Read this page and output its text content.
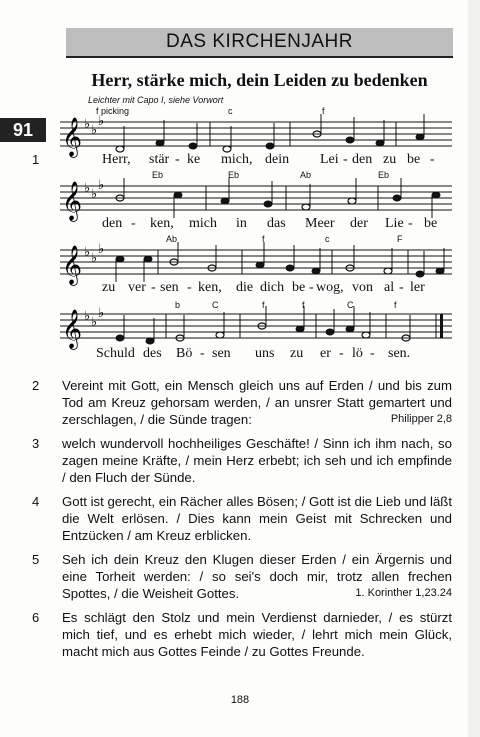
DAS KIRCHENJAHR
Herr, stärke mich, dein Leiden zu bedenken
Leichter mit Capo I, siehe Vorwort
f picking
91
1
c	f
𝄞 ♭ ♭
♭
Herr, stär - ke mich, dein Lei - den zu be -
Eb	Eb	Ab	Eb
𝄞 ♭ ♭
♭
den - ken, mich in das Meer der Lie - be
Ab	f	c	F
𝄞 ♭ ♭
♭
zu ver - sen - ken, die dich be - wog, von al - ler
b	C	f	f	C	f
𝄞 ♭ ♭
♭
Schuld des Bö - sen uns zu er - lö - sen.
2 Vereint mit Gott, ein Mensch gleich uns auf Erden / und bis zum Tod am Kreuz gehorsam werden, / an unsrer Statt gemartert und zerschlagen, / die Sünde tragen:	Philipper 2,8
3 welch wundervoll hochheiliges Geschäfte! / Sinn ich ihm nach, so zagen meine Kräfte, / mein Herz erbebt; ich seh und ich empfinde / den Fluch der Sünde.
4 Gott ist gerecht, ein Rächer alles Bösen; / Gott ist die Lieb und läßt die Welt erlösen. / Dies kann mein Geist mit Schrecken und Entzücken / am Kreuz erblicken.
5 Seh ich dein Kreuz den Klugen dieser Erden / ein Ärgernis und eine Torheit werden: / so sei's doch mir, trotz allen frechen Spottes, / die Weisheit Gottes.	1. Korinther 1,23.24
6 Es schlägt den Stolz und mein Verdienst darnieder, / es stürzt mich tief, und es erhebt mich wieder, / lehrt mich mein Glück, macht mich aus Gottes Feinde / zu Gottes Freunde.
188
